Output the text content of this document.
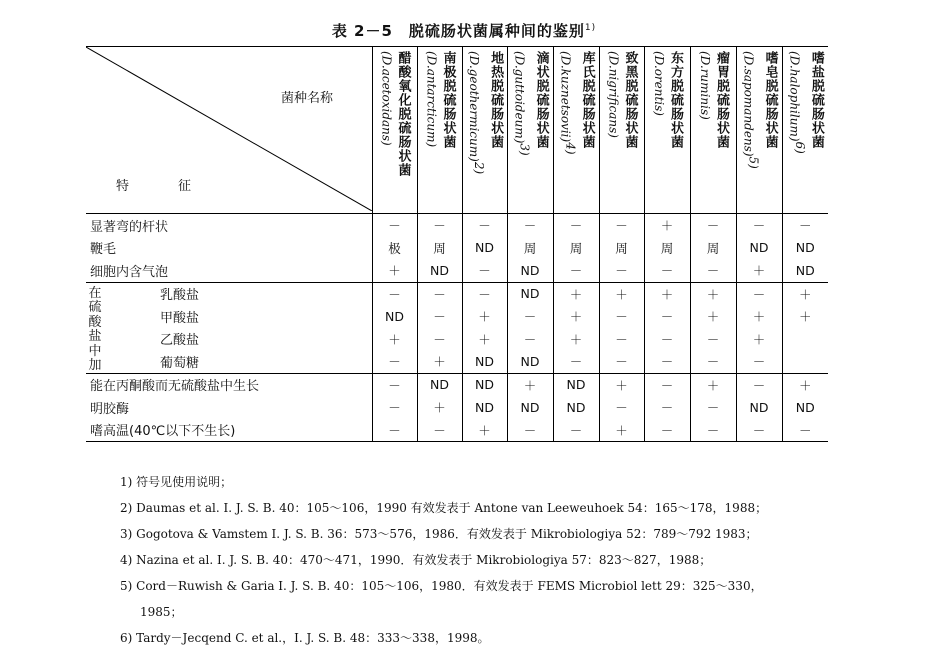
表 2－5　脱硫肠状菌属种间的鉴别$^{1)}$
菌种名称
特　征		醋酸氧化脱硫肠状菌(D.acetoxidans)	南极脱硫肠状菌(D.antarcticum)	地热脱硫肠状菌(D.geothermicum)$^{2)}$	滴状脱硫肠状菌(D.guttoideum)$^{3)}$	库氏脱硫肠状菌(D.kuznetsovii)$^{4)}$	致黑脱硫肠状菌(D.nigrificans)	东方脱硫肠状菌(D.orentis)	瘤胃脱硫肠状菌(D.ruminis)	嗜皂脱硫肠状菌(D.sapomandens)$^{5)}$	嗜盐脱硫肠状菌(D.halophilum)$^{6)}$
显著弯的杆状		－	－	－	－	－	－	＋	－	－	－
鞭毛		极	周	ND	周	周	周	周	周	ND	ND
细胞内含气泡		＋	ND	－	ND	－	－	－	－	＋	ND

在硫酸盐中加	乳酸盐	－	－	－	ND	＋	＋	＋	＋	－	＋
	甲酸盐	ND	－	＋	－	＋	－	－	＋	＋	＋
	乙酸盐	＋	－	＋	－	＋	－	－	－	＋	
	葡萄糖	－	＋	ND	ND	－	－	－	－	－	
能在丙酮酸而无硫酸盐中生长		－	ND	ND	＋	ND	＋	－	＋	－	＋
明胶酶		－	＋	ND	ND	ND	－	－	－	ND	ND
嗜高温(40℃以下不生长)		－	－	＋	－	－	＋	－	－	－	－
1) 符号见使用说明；
2) Daumas et al. I. J. S. B. 40：105～106，1990 有效发表于 Antone van Leeweuhoek 54：165～178，1988；
3) Gogotova & Vamstem I. J. S. B. 36：573～576，1986．有效发表于 Mikrobiologiya 52：789～792 1983；
4) Nazina et al. I. J. S. B. 40：470～471，1990．有效发表于 Mikrobiologiya 57：823～827，1988；
5) Cord－Ruwish & Garia I. J. S. B. 40：105～106，1980．有效发表于 FEMS Microbiol lett 29：325～330，
1985；
6) Tardy－Jecqend C. et al.，I. J. S. B. 48：333～338，1998。
